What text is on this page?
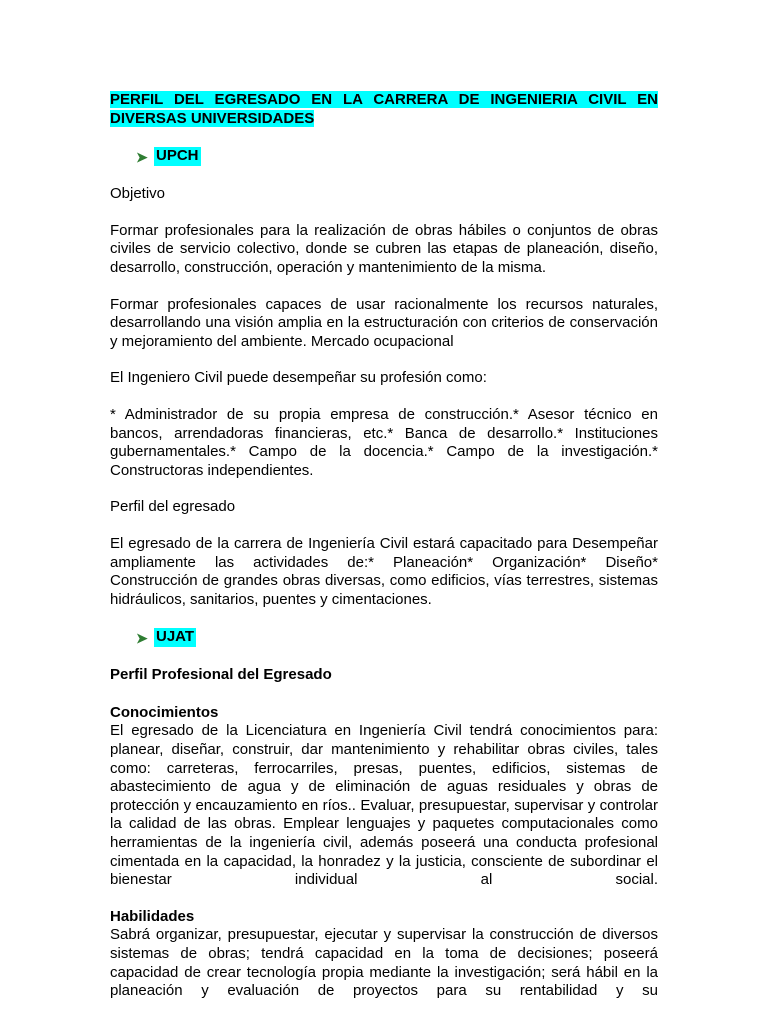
PERFIL DEL EGRESADO EN LA CARRERA DE INGENIERIA CIVIL EN DIVERSAS UNIVERSIDADES

➤ UPCH

Objetivo

Formar profesionales para la realización de obras hábiles o conjuntos de obras civiles de servicio colectivo, donde se cubren las etapas de planeación, diseño, desarrollo, construcción, operación y mantenimiento de la misma.

Formar profesionales capaces de usar racionalmente los recursos naturales, desarrollando una visión amplia en la estructuración con criterios de conservación y mejoramiento del ambiente. Mercado ocupacional

El Ingeniero Civil puede desempeñar su profesión como:

* Administrador de su propia empresa de construcción.* Asesor técnico en bancos, arrendadoras financieras, etc.* Banca de desarrollo.* Instituciones gubernamentales.* Campo de la docencia.* Campo de la investigación.* Constructoras independientes.

Perfil del egresado

El egresado de la carrera de Ingeniería Civil estará capacitado para Desempeñar ampliamente las actividades de:* Planeación* Organización* Diseño* Construcción de grandes obras diversas, como edificios, vías terrestres, sistemas hidráulicos, sanitarios, puentes y cimentaciones.

➤ UJAT

Perfil Profesional del Egresado

Conocimientos

El egresado de la Licenciatura en Ingeniería Civil tendrá conocimientos para: planear, diseñar, construir, dar mantenimiento y rehabilitar obras civiles, tales como: carreteras, ferrocarriles, presas, puentes, edificios, sistemas de abastecimiento de agua y de eliminación de aguas residuales y obras de protección y encauzamiento en ríos.. Evaluar, presupuestar, supervisar y controlar la calidad de las obras. Emplear lenguajes y paquetes computacionales como herramientas de la ingeniería civil, además poseerá una conducta profesional cimentada en la capacidad, la honradez y la justicia, consciente de subordinar el bienestar individual al social.

Habilidades

Sabrá organizar, presupuestar, ejecutar y supervisar la construcción de diversos sistemas de obras; tendrá capacidad en la toma de decisiones; poseerá capacidad de crear tecnología propia mediante la investigación; será hábil en la planeación y evaluación de proyectos para su rentabilidad y su
